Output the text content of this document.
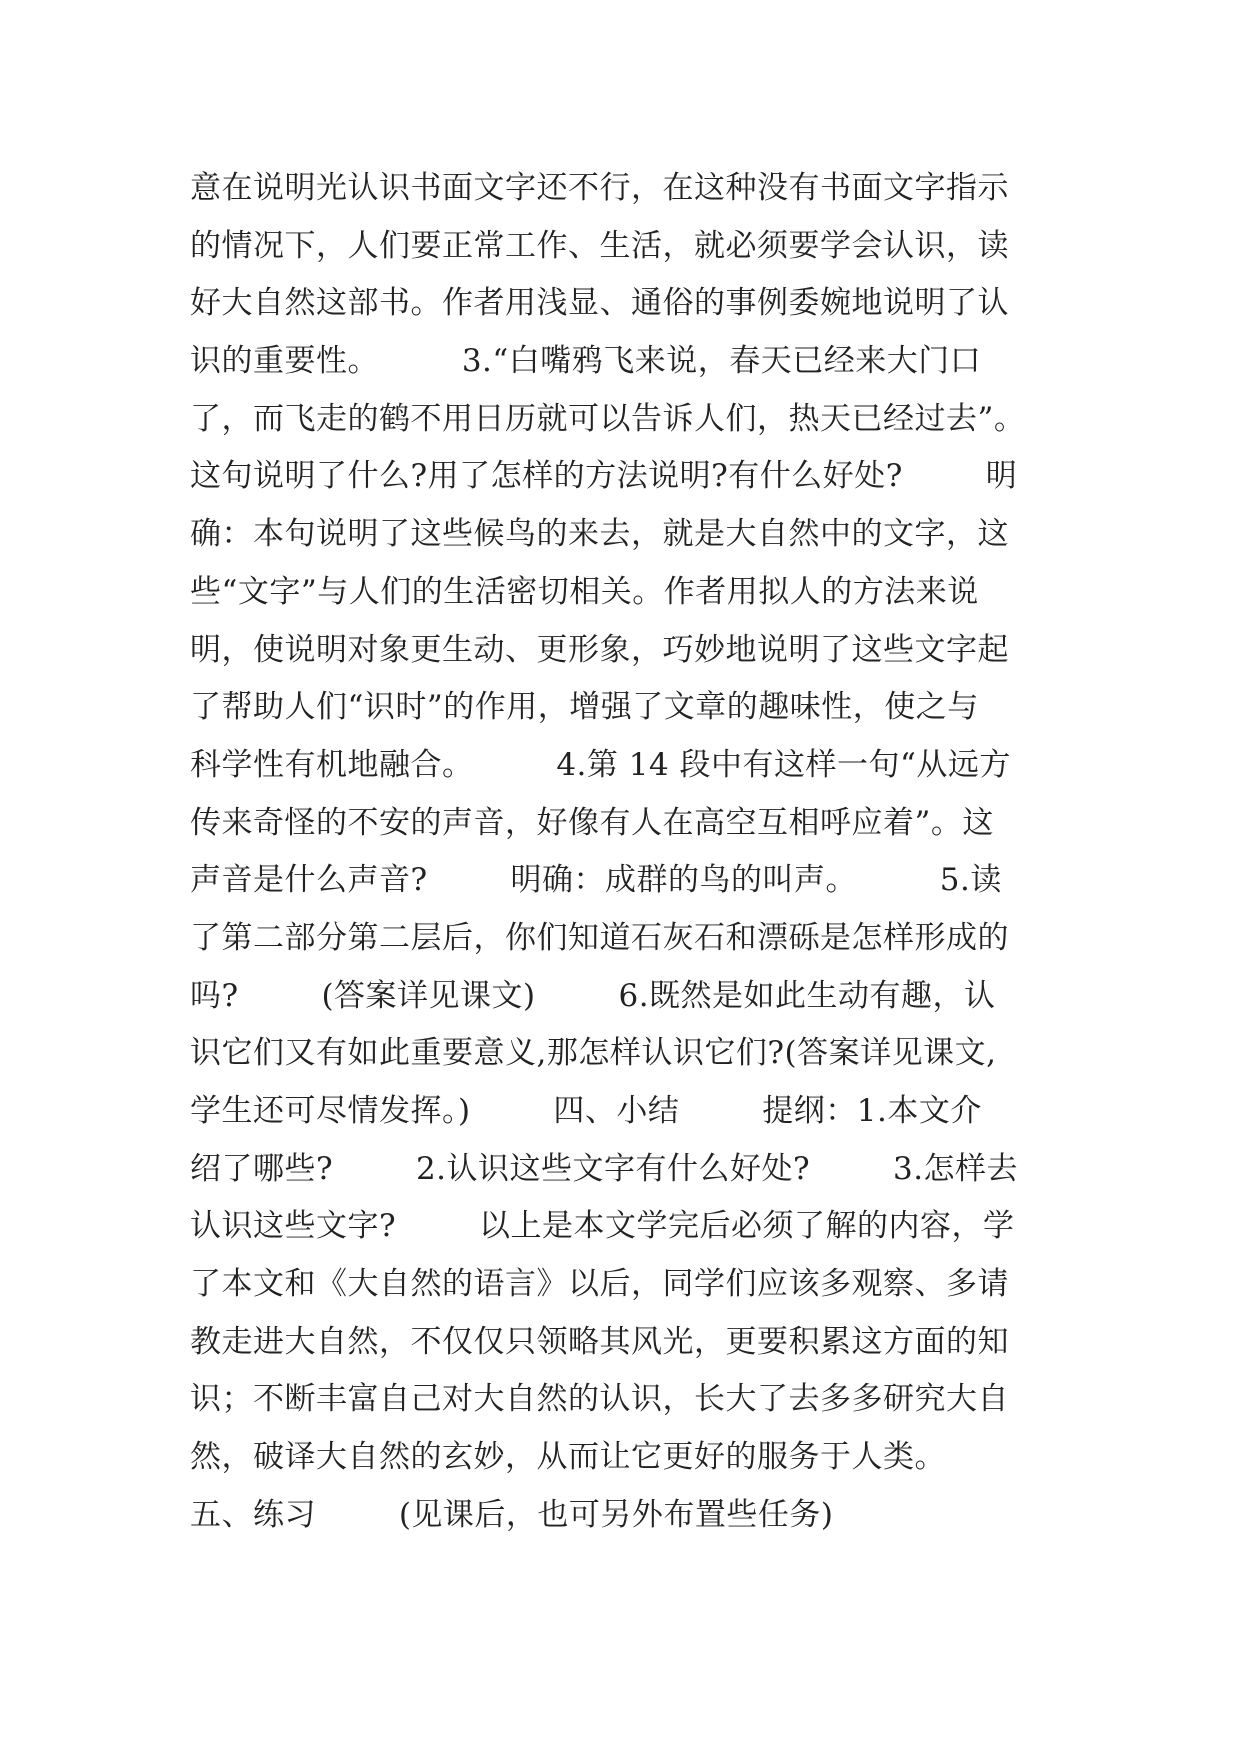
意在说明光认识书面文字还不行，在这种没有书面文字指示
的情况下，人们要正常工作、生活，就必须要学会认识，读
好大自然这部书。作者用浅显、通俗的事例委婉地说明了认
识的重要性。        3.“白嘴鸦飞来说，春天已经来大门口
了，而飞走的鹤不用日历就可以告诉人们，热天已经过去”。
这句说明了什么?用了怎样的方法说明?有什么好处?        明
确：本句说明了这些候鸟的来去，就是大自然中的文字，这
些“文字”与人们的生活密切相关。作者用拟人的方法来说
明，使说明对象更生动、更形象，巧妙地说明了这些文字起
了帮助人们“识时”的作用，增强了文章的趣味性，使之与
科学性有机地融合。        4.第 14 段中有这样一句“从远方
传来奇怪的不安的声音，好像有人在高空互相呼应着”。这
声音是什么声音?        明确：成群的鸟的叫声。        5.读
了第二部分第二层后，你们知道石灰石和漂砾是怎样形成的
吗?        (答案详见课文)        6.既然是如此生动有趣，认
识它们又有如此重要意义,那怎样认识它们?(答案详见课文,
学生还可尽情发挥。)        四、小结        提纲：1.本文介
绍了哪些?        2.认识这些文字有什么好处?        3.怎样去
认识这些文字?        以上是本文学完后必须了解的内容，学
了本文和《大自然的语言》以后，同学们应该多观察、多请
教走进大自然，不仅仅只领略其风光，更要积累这方面的知
识；不断丰富自己对大自然的认识，长大了去多多研究大自
然，破译大自然的玄妙，从而让它更好的服务于人类。
五、练习        (见课后，也可另外布置些任务)
